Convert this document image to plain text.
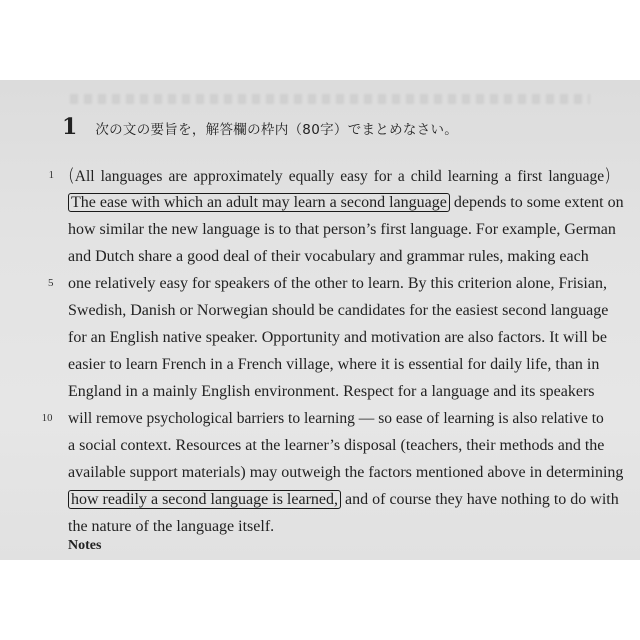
1 次の文の要旨を，解答欄の枠内（80字）でまとめなさい。
1 (All languages are approximately equally easy for a child learning a first language)
The ease with which an adult may learn a second language depends to some extent on
how similar the new language is to that person’s first language. For example, German
and Dutch share a good deal of their vocabulary and grammar rules, making each
5 one relatively easy for speakers of the other to learn. By this criterion alone, Frisian,
Swedish, Danish or Norwegian should be candidates for the easiest second language
for an English native speaker. Opportunity and motivation are also factors. It will be
easier to learn French in a French village, where it is essential for daily life, than in
England in a mainly English environment. Respect for a language and its speakers
10 will remove psychological barriers to learning — so ease of learning is also relative to
a social context. Resources at the learner’s disposal (teachers, their methods and the
available support materials) may outweigh the factors mentioned above in determining
how readily a second language is learned, and of course they have nothing to do with
the nature of the language itself.
Notes
